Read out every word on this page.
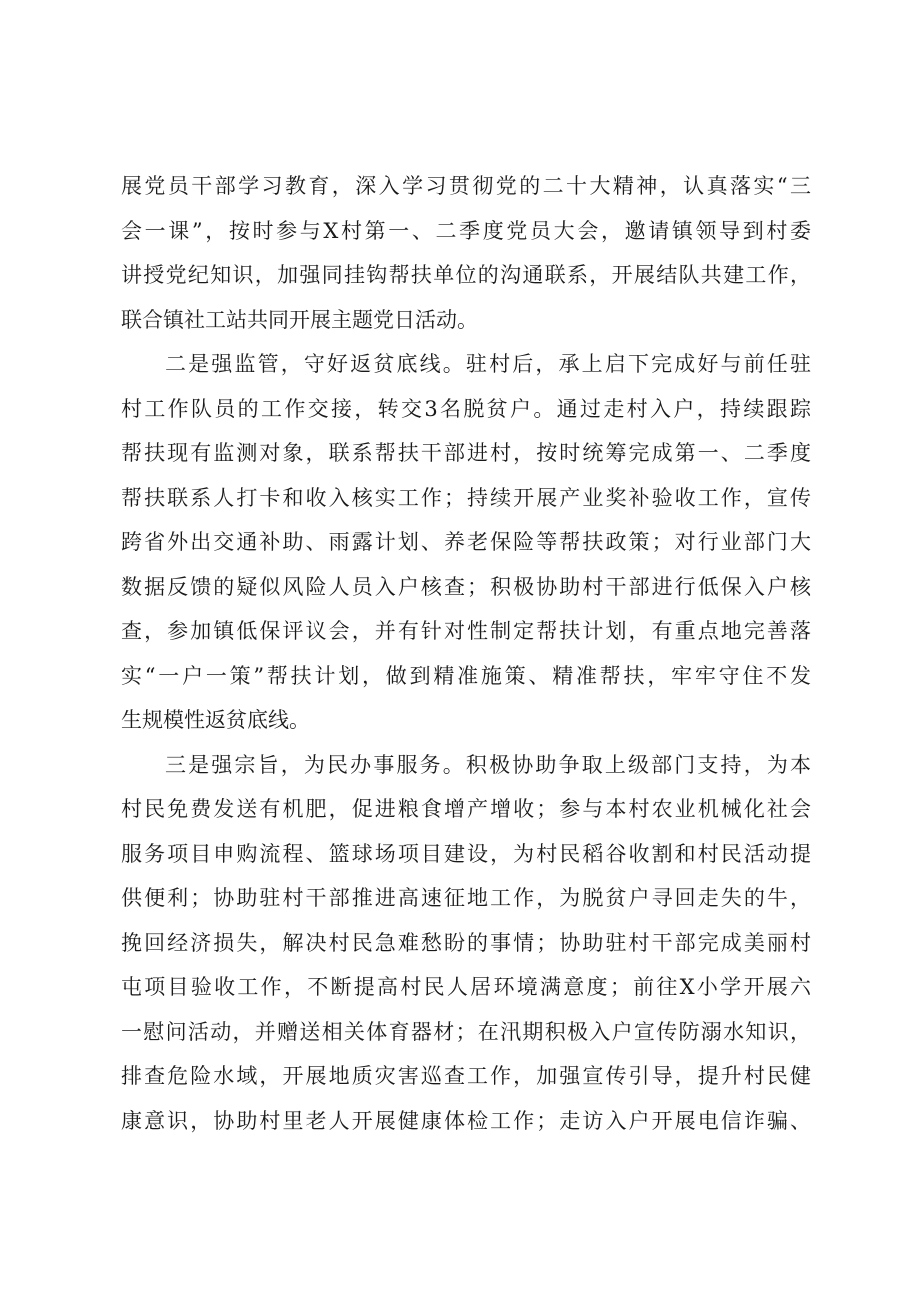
展党员干部学习教育，深入学习贯彻党的二十大精神，认真落实“三
会一课”，按时参与X村第一、二季度党员大会，邀请镇领导到村委
讲授党纪知识，加强同挂钩帮扶单位的沟通联系，开展结队共建工作，
联合镇社工站共同开展主题党日活动。
二是强监管，守好返贫底线。驻村后，承上启下完成好与前任驻
村工作队员的工作交接，转交3名脱贫户。通过走村入户，持续跟踪
帮扶现有监测对象，联系帮扶干部进村，按时统筹完成第一、二季度
帮扶联系人打卡和收入核实工作；持续开展产业奖补验收工作，宣传
跨省外出交通补助、雨露计划、养老保险等帮扶政策；对行业部门大
数据反馈的疑似风险人员入户核查；积极协助村干部进行低保入户核
查，参加镇低保评议会，并有针对性制定帮扶计划，有重点地完善落
实“一户一策”帮扶计划，做到精准施策、精准帮扶，牢牢守住不发
生规模性返贫底线。
三是强宗旨，为民办事服务。积极协助争取上级部门支持，为本
村民免费发送有机肥，促进粮食增产增收；参与本村农业机械化社会
服务项目申购流程、篮球场项目建设，为村民稻谷收割和村民活动提
供便利；协助驻村干部推进高速征地工作，为脱贫户寻回走失的牛，
挽回经济损失，解决村民急难愁盼的事情；协助驻村干部完成美丽村
屯项目验收工作，不断提高村民人居环境满意度；前往X小学开展六
一慰问活动，并赠送相关体育器材；在汛期积极入户宣传防溺水知识，
排查危险水域，开展地质灾害巡查工作，加强宣传引导，提升村民健
康意识，协助村里老人开展健康体检工作；走访入户开展电信诈骗、
